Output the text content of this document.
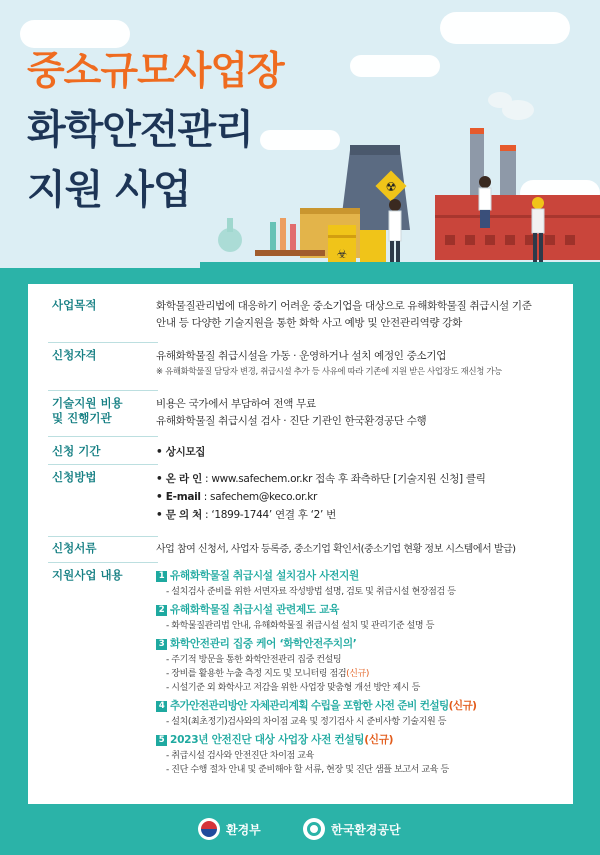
중소규모사업장
화학안전관리
지원 사업	☢
☣
사업목적	화학물질관리법에 대응하기 어려운 중소기업을 대상으로 유해화학물질 취급시설 기준
안내 등 다양한 기술지원을 통한 화학 사고 예방 및 안전관리역량 강화
신청자격	유해화학물질 취급시설을 가동 · 운영하거나 설치 예정인 중소기업
※ 유해화학물질 담당자 변경, 취급시설 추가 등 사유에 따라 기존에 지원 받은 사업장도 재신청 가능
기술지원 비용
및 진행기관
비용은 국가에서 부담하여 전액 무료
유해화학물질 취급시설 검사 · 진단 기관인 한국환경공단 수행
신청 기간	• 상시모집
신청방법	• 온 라 인 : www.safechem.or.kr 접속 후 좌측하단 [기술지원 신청] 클릭
• E-mail : safechem@keco.or.kr
• 문 의 처 : ‘1899-1744’ 연결 후 ‘2’ 번
신청서류	사업 참여 신청서, 사업자 등록증, 중소기업 확인서(중소기업 현황 정보 시스템에서 발급)
지원사업 내용	1 유해화학물질 취급시설 설치검사 사전지원
- 설치검사 준비를 위한 서면자료 작성방법 설명, 검토 및 취급시설 현장점검 등
2 유해화학물질 취급시설 관련제도 교육
- 화학물질관리법 안내, 유해화학물질 취급시설 설치 및 관리기준 설명 등
3 화학안전관리 집중 케어 ‘화학안전주치의’
- 주기적 방문을 통한 화학안전관리 집중 컨설팅
- 장비를 활용한 누출 측정 지도 및 모니터링 점검(신규)
- 시설기준 외 화학사고 저감을 위한 사업장 맞춤형 개선 방안 제시 등
4 추가안전관리방안 자체관리계획 수립을 포함한 사전 준비 컨설팅(신규)
- 설치(최초정기)검사와의 차이점 교육 및 정기검사 시 준비사항 기술지원 등
5 2023년 안전진단 대상 사업장 사전 컨설팅(신규)
- 취급시설 검사와 안전진단 차이점 교육
- 진단 수행 절차 안내 및 준비해야 할 서류, 현장 및 진단 샘플 보고서 교육 등
환경부	한국환경공단
